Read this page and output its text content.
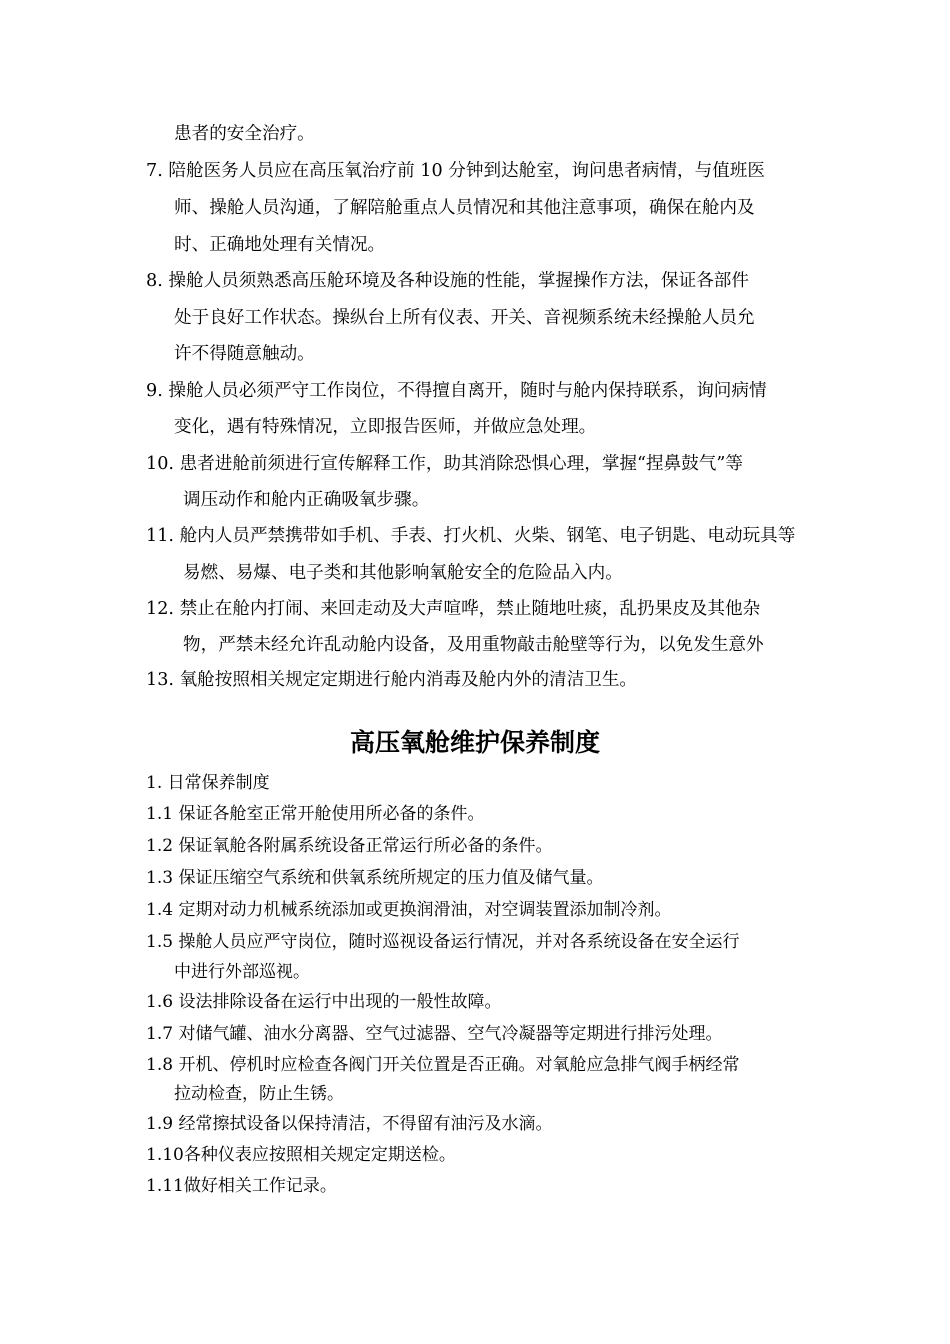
患者的安全治疗。
7. 陪舱医务人员应在高压氧治疗前 10 分钟到达舱室，询问患者病情，与值班医
师、操舱人员沟通，了解陪舱重点人员情况和其他注意事项，确保在舱内及
时、正确地处理有关情况。
8. 操舱人员须熟悉高压舱环境及各种设施的性能，掌握操作方法，保证各部件
处于良好工作状态。操纵台上所有仪表、开关、音视频系统未经操舱人员允
许不得随意触动。
9. 操舱人员必须严守工作岗位，不得擅自离开，随时与舱内保持联系，询问病情
变化，遇有特殊情况，立即报告医师，并做应急处理。
10. 患者进舱前须进行宣传解释工作，助其消除恐惧心理，掌握“捏鼻鼓气”等
调压动作和舱内正确吸氧步骤。
11. 舱内人员严禁携带如手机、手表、打火机、火柴、钢笔、电子钥匙、电动玩具等
易燃、易爆、电子类和其他影响氧舱安全的危险品入内。
12. 禁止在舱内打闹、来回走动及大声喧哗，禁止随地吐痰，乱扔果皮及其他杂
物，严禁未经允许乱动舱内设备，及用重物敲击舱壁等行为，以免发生意外
13. 氧舱按照相关规定定期进行舱内消毒及舱内外的清洁卫生。
高压氧舱维护保养制度
1. 日常保养制度
1.1 保证各舱室正常开舱使用所必备的条件。
1.2 保证氧舱各附属系统设备正常运行所必备的条件。
1.3 保证压缩空气系统和供氧系统所规定的压力值及储气量。
1.4 定期对动力机械系统添加或更换润滑油，对空调装置添加制冷剂。
1.5 操舱人员应严守岗位，随时巡视设备运行情况，并对各系统设备在安全运行
中进行外部巡视。
1.6 设法排除设备在运行中出现的一般性故障。
1.7 对储气罐、油水分离器、空气过滤器、空气冷凝器等定期进行排污处理。
1.8 开机、停机时应检查各阀门开关位置是否正确。对氧舱应急排气阀手柄经常
拉动检查，防止生锈。
1.9 经常擦拭设备以保持清洁，不得留有油污及水滴。
1.10各种仪表应按照相关规定定期送检。
1.11做好相关工作记录。
